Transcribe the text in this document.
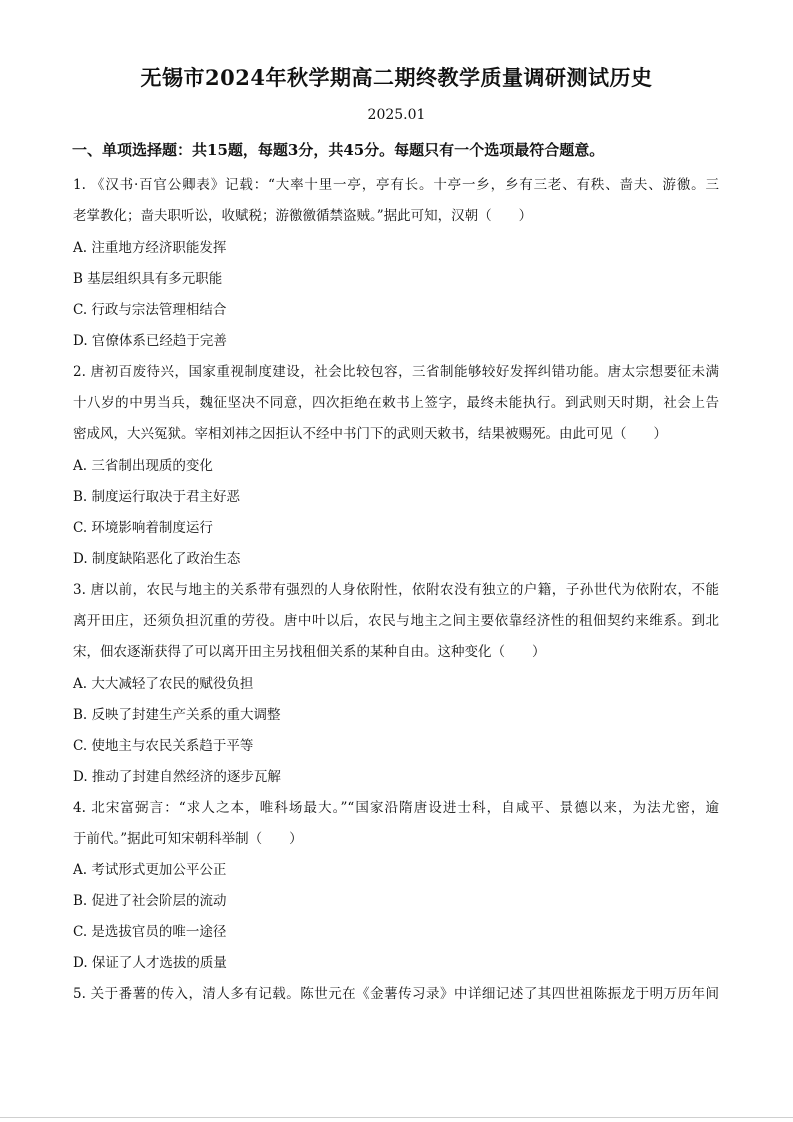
无锡市2024年秋学期高二期终教学质量调研测试历史
2025.01
一、单项选择题：共15题，每题3分，共45分。每题只有一个选项最符合题意。
1. 《汉书·百官公卿表》记载：“大率十里一亭，亭有长。十亭一乡，乡有三老、有秩、啬夫、游徼。三
老掌教化；啬夫职听讼，收赋税；游徼徼循禁盗贼。”据此可知，汉朝（　　）
A. 注重地方经济职能发挥
B 基层组织具有多元职能
C. 行政与宗法管理相结合
D. 官僚体系已经趋于完善
2. 唐初百废待兴，国家重视制度建设，社会比较包容，三省制能够较好发挥纠错功能。唐太宗想要征未满
十八岁的中男当兵，魏征坚决不同意，四次拒绝在敕书上签字，最终未能执行。到武则天时期，社会上告
密成风，大兴冤狱。宰相刘祎之因拒认不经中书门下的武则天敕书，结果被赐死。由此可见（　　）
A. 三省制出现质的变化
B. 制度运行取决于君主好恶
C. 环境影响着制度运行
D. 制度缺陷恶化了政治生态
3. 唐以前，农民与地主的关系带有强烈的人身依附性，依附农没有独立的户籍，子孙世代为依附农，不能
离开田庄，还须负担沉重的劳役。唐中叶以后，农民与地主之间主要依靠经济性的租佃契约来维系。到北
宋，佃农逐渐获得了可以离开田主另找租佃关系的某种自由。这种变化（　　）
A. 大大减轻了农民的赋役负担
B. 反映了封建生产关系的重大调整
C. 使地主与农民关系趋于平等
D. 推动了封建自然经济的逐步瓦解
4. 北宋富弼言：“求人之本，唯科场最大。”“国家沿隋唐设进士科，自咸平、景德以来，为法尤密，逾
于前代。”据此可知宋朝科举制（　　）
A. 考试形式更加公平公正
B. 促进了社会阶层的流动
C. 是选拔官员的唯一途径
D. 保证了人才选拔的质量
5. 关于番薯的传入，清人多有记载。陈世元在《金薯传习录》中详细记述了其四世祖陈振龙于明万历年间
